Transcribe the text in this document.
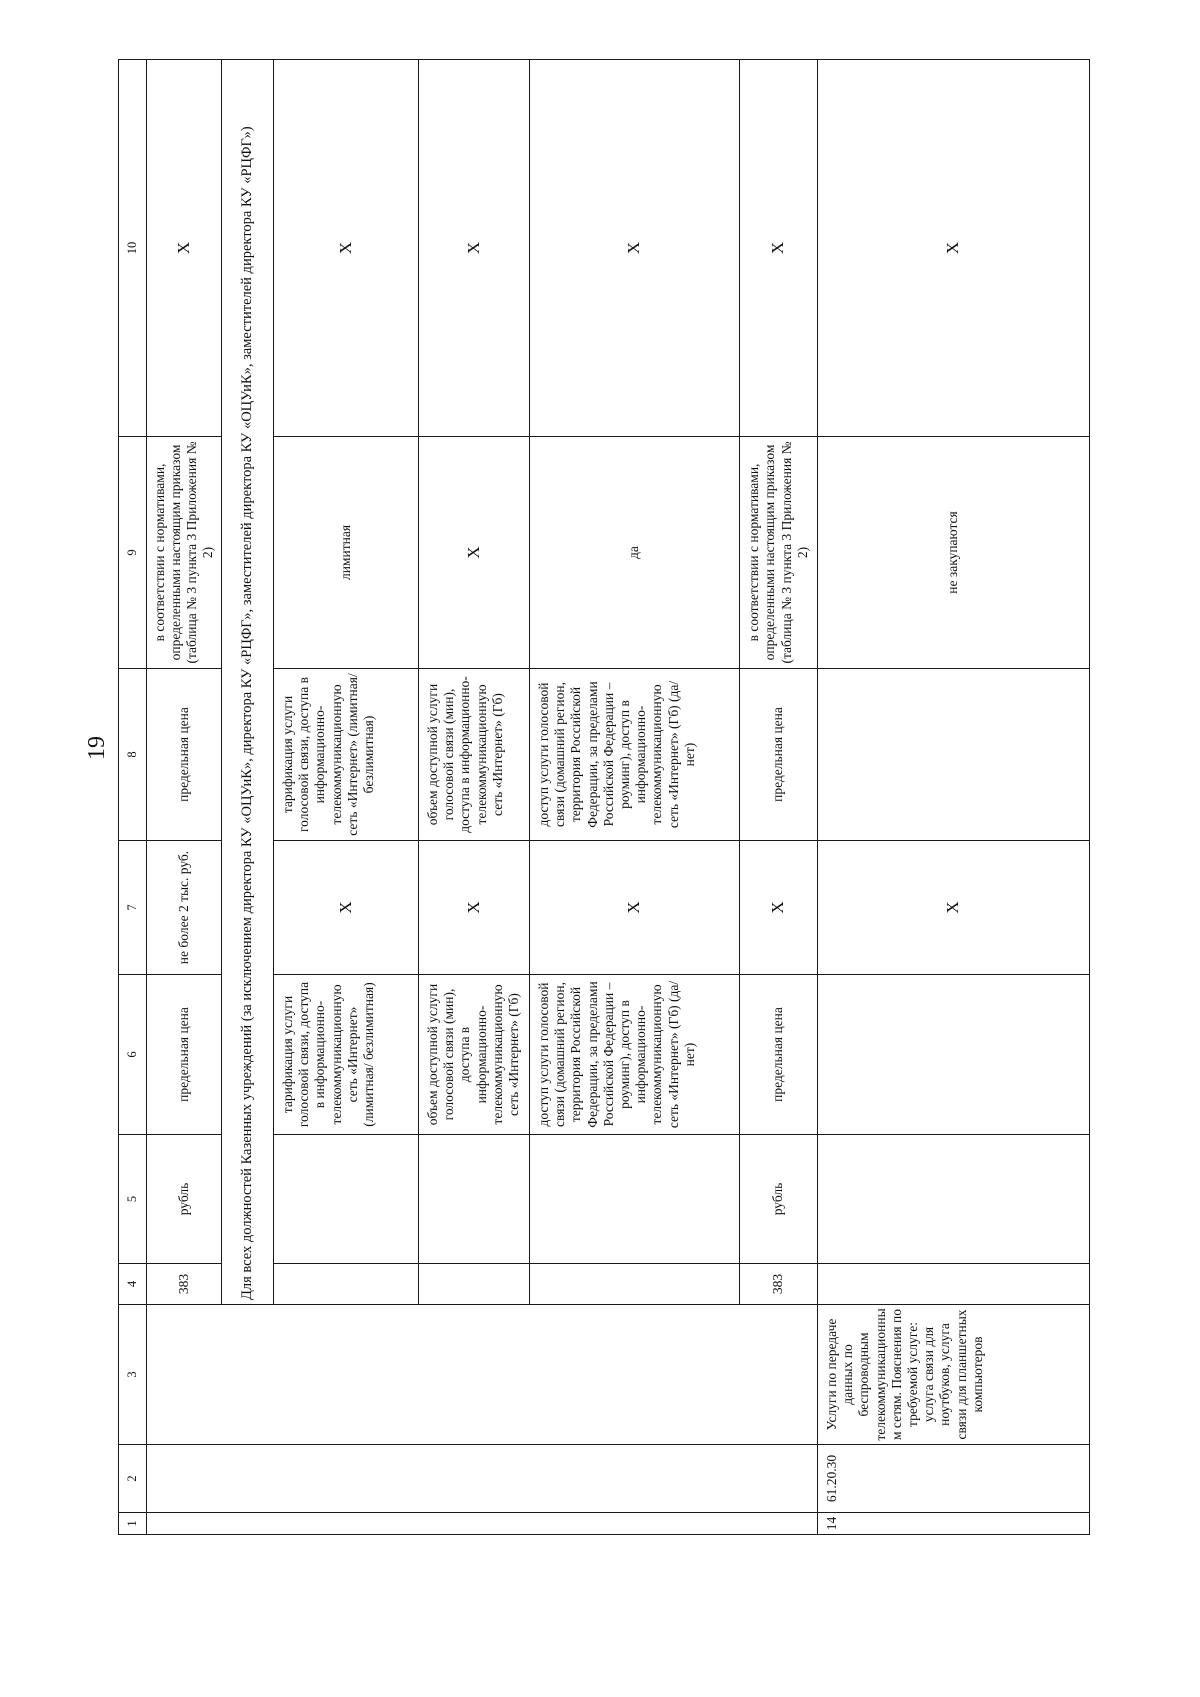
19
1	2	3	4	5	6	7	8	9	10
			383	рубль	предельная цена	не более 2 тыс. руб.	предельная цена	в соответствии с нормативами, определенными настоящим приказом (таблица № 3 пункта 3 Приложения № 2)	X
			Для всех должностей Казенных учреждений (за исключением директора КУ «ОЦУиК», директора КУ «РЦФГ», заместителей директора КУ «ОЦУиК», заместителей директора КУ «РЦФГ»)						
					тарификация услуги голосовой связи, доступа в информационно-телекоммуникационную сеть «Интернет» (лимитная/ безлимитная)	X	тарификация услуги голосовой связи, доступа в информационно-телекоммуникационную сеть «Интернет» (лимитная/ безлимитная)	лимитная	X
					объем доступной услуги голосовой связи (мин), доступа в информационно-телекоммуникационную сеть «Интернет» (Гб)	X	объем доступной услуги голосовой связи (мин), доступа в информационно-телекоммуникационную сеть «Интернет» (Гб)	X	X
					доступ услуги голосовой связи (домашний регион, территория Российской Федерации, за пределами Российской Федерации – роуминг), доступ в информационно-телекоммуникационную сеть «Интернет» (Гб) (да/нет)	X	доступ услуги голосовой связи (домашний регион, территория Российской Федерации, за пределами Российской Федерации – роуминг), доступ в информационно-телекоммуникационную сеть «Интернет» (Гб) (да/нет)	да	X
			383	рубль	предельная цена	X	предельная цена	в соответствии с нормативами, определенными настоящим приказом (таблица № 3 пункта 3 Приложения № 2)	X
14	61.20.30	Услуги по передаче данных по беспроводным телекоммуникационным сетям. Пояснения по требуемой услуге: услуга связи для ноутбуков, услуга связи для планшетных компьютеров				X		не закупаются	X
